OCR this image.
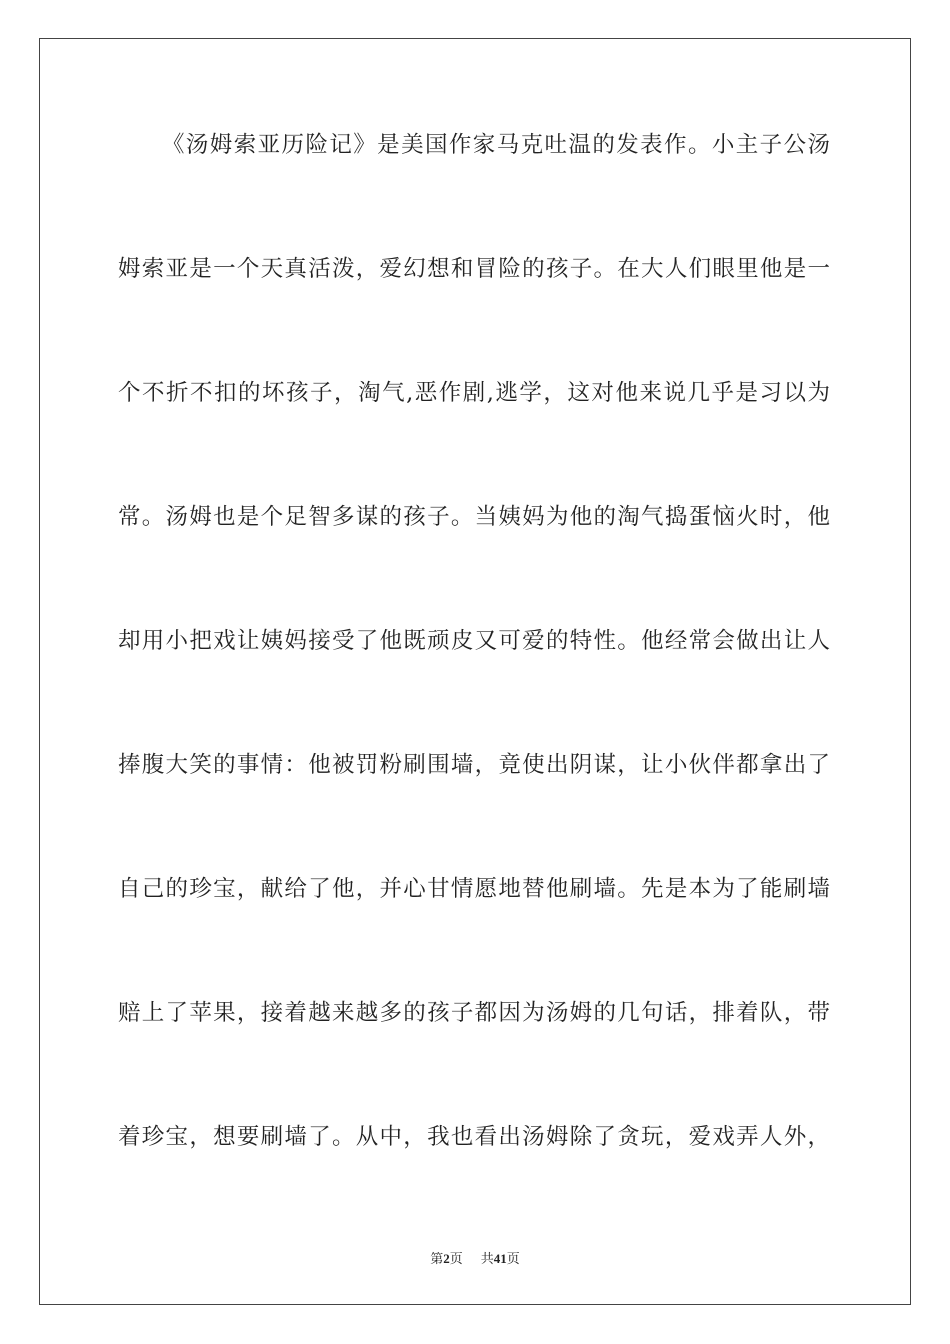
《汤姆索亚历险记》是美国作家马克吐温的发表作。小主子公汤
姆索亚是一个天真活泼，爱幻想和冒险的孩子。在大人们眼里他是一
个不折不扣的坏孩子，淘气,恶作剧,逃学，这对他来说几乎是习以为
常。汤姆也是个足智多谋的孩子。当姨妈为他的淘气捣蛋恼火时，他
却用小把戏让姨妈接受了他既顽皮又可爱的特性。他经常会做出让人
捧腹大笑的事情：他被罚粉刷围墙，竟使出阴谋，让小伙伴都拿出了
自己的珍宝，献给了他，并心甘情愿地替他刷墙。先是本为了能刷墙
赔上了苹果，接着越来越多的孩子都因为汤姆的几句话，排着队，带
着珍宝，想要刷墙了。从中，我也看出汤姆除了贪玩，爱戏弄人外，
第2页 共41页
